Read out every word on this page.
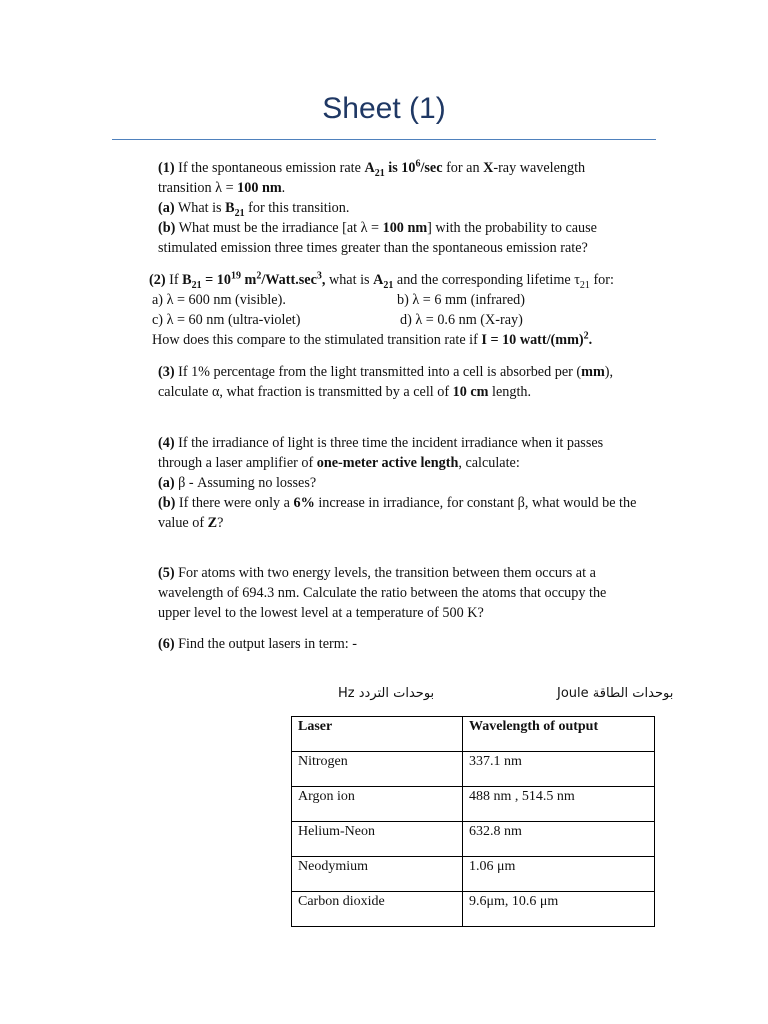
Sheet (1)
(1) If the spontaneous emission rate $A_{21}$ is $10^6/\sec$ for an X-ray wavelength
transition λ = 100 nm.
(a) What is $B_{21}$ for this transition.
(b) What must be the irradiance [at λ = 100 nm] with the probability to cause
stimulated emission three times greater than the spontaneous emission rate?
(2) If $B_{21} = 10^{19}$ $m^2/Watt.\sec^3$, what is $A_{21}$ and the corresponding lifetime $\tau_{21}$ for:
a) λ = 600 nm (visible).	b) λ = 6 mm (infrared)
c) λ = 60 nm (ultra-violet)	d) λ = 0.6 nm (X-ray)
How does this compare to the stimulated transition rate if I = 10 watt/(mm)$^2$.
(3) If 1% percentage from the light transmitted into a cell is absorbed per (mm),
calculate α, what fraction is transmitted by a cell of 10 cm length.
(4) If the irradiance of light is three time the incident irradiance when it passes
through a laser amplifier of one-meter active length, calculate:
(a) β - Assuming no losses?
(b) If there were only a 6% increase in irradiance, for constant β, what would be the
value of Z?
(5) For atoms with two energy levels, the transition between them occurs at a
wavelength of 694.3 nm. Calculate the ratio between the atoms that occupy the
upper level to the lowest level at a temperature of 500 K?
(6) Find the output lasers in term: -
Hz بوحدات التردد	Joule بوحدات الطاقة
Laser	Wavelength of output
Nitrogen	337.1 nm
Argon ion	488 nm , 514.5 nm
Helium-Neon	632.8 nm
Neodymium	1.06 μm
Carbon dioxide	9.6μm, 10.6 μm
